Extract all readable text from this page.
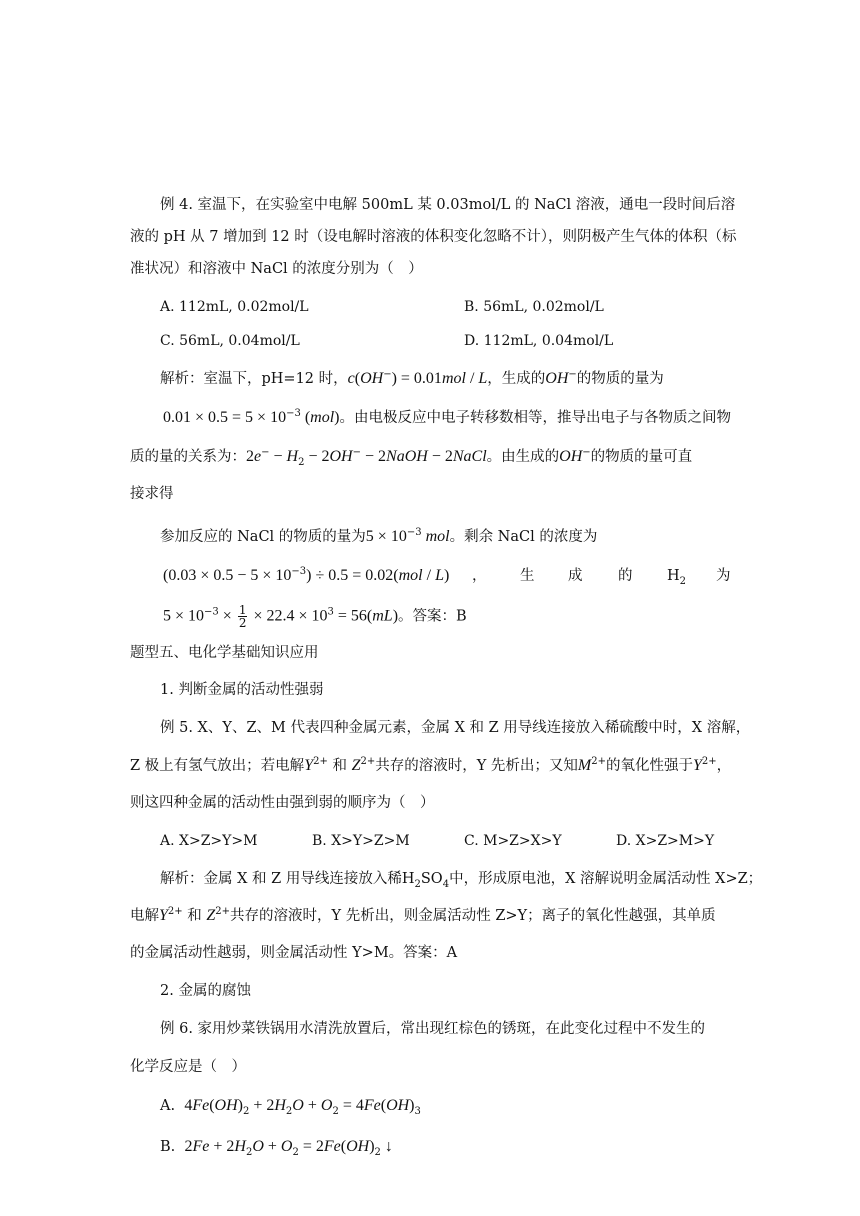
例 4. 室温下，在实验室中电解 500mL 某 0.03mol/L 的 NaCl 溶液，通电一段时间后溶
液的 pH 从 7 增加到 12 时（设电解时溶液的体积变化忽略不计），则阴极产生气体的体积（标
准状况）和溶液中 NaCl 的浓度分别为（　）
A. 112mL, 0.02mol/L	B. 56mL, 0.02mol/L
C. 56mL, 0.04mol/L	D. 112mL, 0.04mol/L
解析：室温下，pH=12 时，c(OH−) = 0.01mol / L，生成的OH−的物质的量为
$0.01 \times 0.5 = 5 \times 10^{-3}$ (mol)。由电极反应中电子转移数相等，推导出电子与各物质之间物
质的量的关系为：$2e^- - H_2 - 2OH^-$ − 2NaOH − 2NaCl。由生成的OH−的物质的量可直
接求得
参加反应的 NaCl 的物质的量为$5 \times 10^{-3}$ mol。剩余 NaCl 的浓度为
$(0.03 \times 0.5 - 5 \times 10^{-3}) \div 0.5 = 0.02(mol / L)$ ， 生 成 的 $H_2$ 为
$5 \times 10^{-3} \times \frac{1}{2} \times 22.4 \times 10^3 = 56(mL)$。答案：B
题型五、电化学基础知识应用
1. 判断金属的活动性强弱
例 5. X、Y、Z、M 代表四种金属元素，金属 X 和 Z 用导线连接放入稀硫酸中时，X 溶解，
Z 极上有氢气放出；若电解$Y^{2+}$ 和 $Z^{2+}$共存的溶液时，Y 先析出；又知$M^{2+}$的氧化性强于$Y^{2+}$，
则这四种金属的活动性由强到弱的顺序为（　）
A. X>Z>Y>M	B. X>Y>Z>M	C. M>Z>X>Y	D. X>Z>M>Y
解析：金属 X 和 Z 用导线连接放入稀$H_2SO_4$中，形成原电池，X 溶解说明金属活动性 X>Z；
电解$Y^{2+}$ 和 $Z^{2+}$共存的溶液时，Y 先析出，则金属活动性 Z>Y；离子的氧化性越强，其单质
的金属活动性越弱，则金属活动性 Y>M。答案：A
2. 金属的腐蚀
例 6. 家用炒菜铁锅用水清洗放置后，常出现红棕色的锈斑，在此变化过程中不发生的
化学反应是（　）
A. $4Fe(OH)_2 + 2H_2O + O_2 = 4Fe(OH)_3$
B. $2Fe + 2H_2O + O_2 = 2Fe(OH)_2$ ↓
